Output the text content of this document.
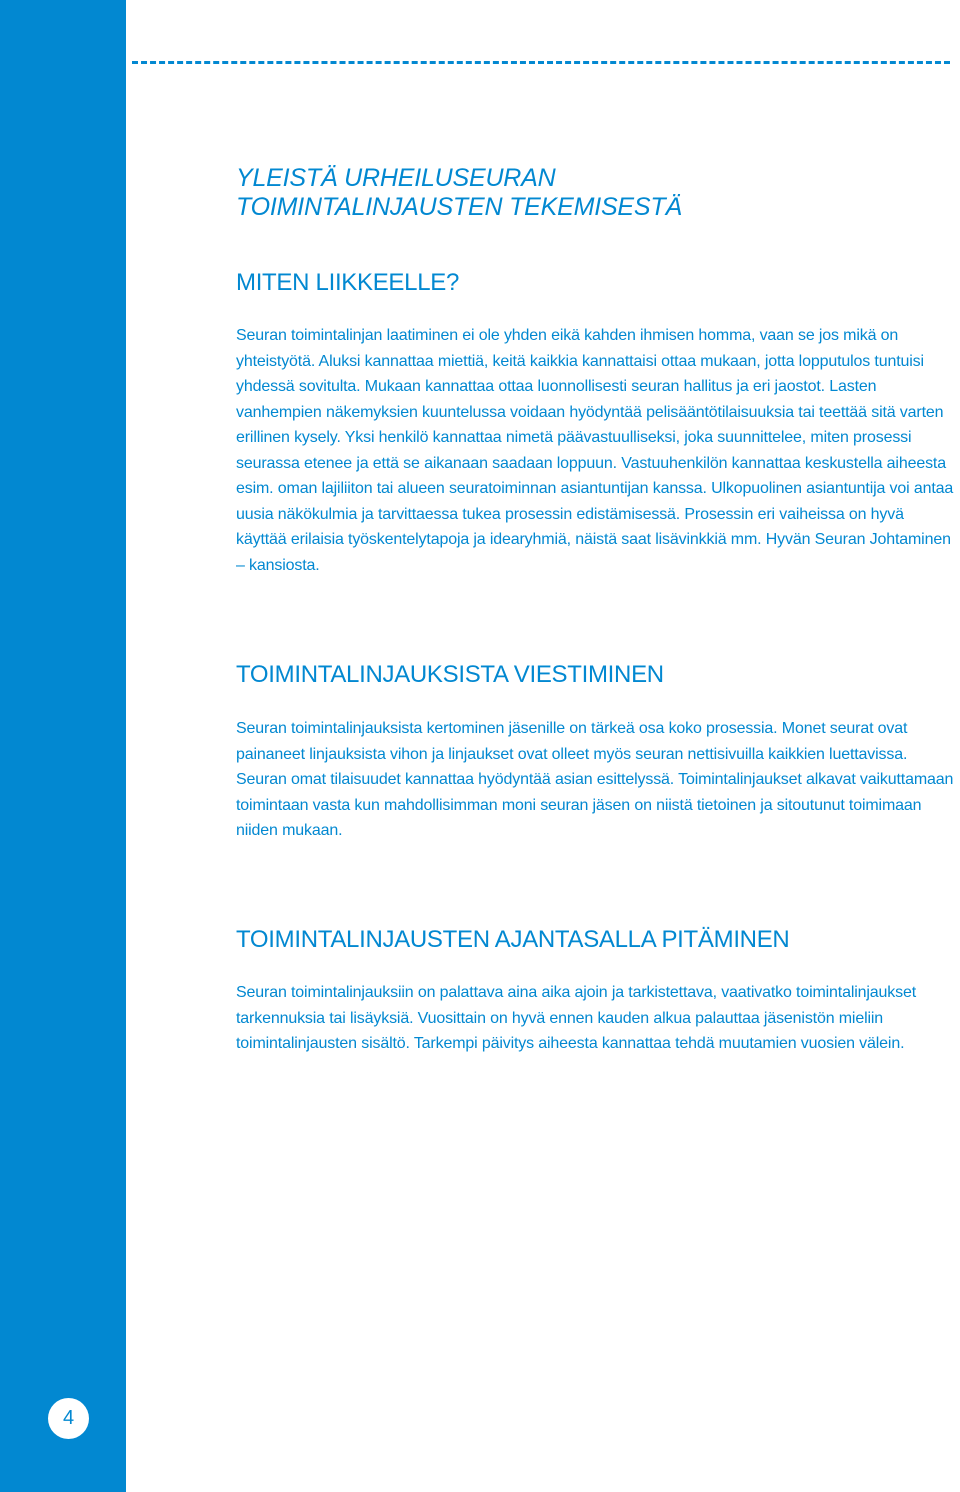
4
YLEISTÄ URHEILUSEURAN
TOIMINTALINJAUSTEN TEKEMISESTÄ
MITEN LIIKKEELLE?

Seuran toimintalinjan laatiminen ei ole yhden eikä kahden ihmisen homma, vaan se jos mikä on yhteistyötä. Aluksi kannattaa miettiä, keitä kaikkia kannattaisi ottaa mukaan, jotta lopputulos tuntuisi yhdessä sovitulta. Mukaan kannattaa ottaa luonnollisesti seuran hallitus ja eri jaostot. Lasten vanhempien näkemyksien kuuntelussa voidaan hyödyntää pelisääntötilaisuuksia tai teettää sitä varten erillinen kysely. Yksi henkilö kannattaa nimetä päävastuulliseksi, joka suunnittelee, miten prosessi seurassa etenee ja että se aikanaan saadaan loppuun. Vastuuhenkilön kannattaa keskustella aiheesta esim. oman lajiliiton tai alueen seuratoiminnan asiantuntijan kanssa. Ulkopuolinen asiantuntija voi antaa uusia näkökulmia ja tarvittaessa tukea prosessin edistämisessä. Prosessin eri vaiheissa on hyvä käyttää erilaisia työskentelytapoja ja idearyhmiä, näistä saat lisävinkkiä mm. Hyvän Seuran Johtaminen – kansiosta.

TOIMINTALINJAUKSISTA VIESTIMINEN

Seuran toimintalinjauksista kertominen jäsenille on tärkeä osa koko prosessia. Monet seurat ovat painaneet linjauksista vihon ja linjaukset ovat olleet myös seuran nettisivuilla kaikkien luettavissa. Seuran omat tilaisuudet kannattaa hyödyntää asian esittelyssä. Toimintalinjaukset alkavat vaikuttamaan toimintaan vasta kun mahdollisimman moni seuran jäsen on niistä tietoinen ja sitoutunut toimimaan niiden mukaan.

TOIMINTALINJAUSTEN AJANTASALLA PITÄMINEN

Seuran toimintalinjauksiin on palattava aina aika ajoin ja tarkistettava, vaativatko toimintalinjaukset tarkennuksia tai lisäyksiä. Vuosittain on hyvä ennen kauden alkua palauttaa jäsenistön mieliin toimintalinjausten sisältö. Tarkempi päivitys aiheesta kannattaa tehdä muutamien vuosien välein.
